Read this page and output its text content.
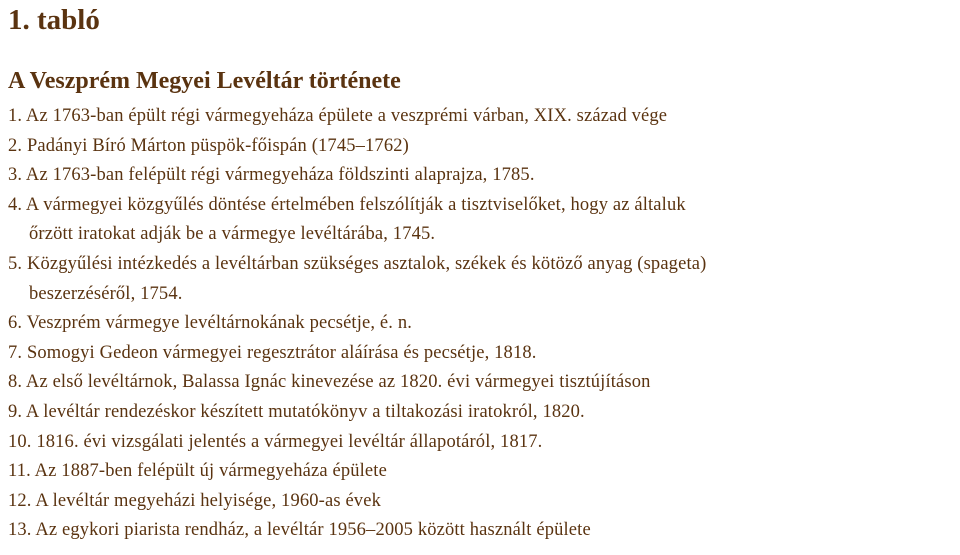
1. tabló
A Veszprém Megyei Levéltár története
1. Az 1763-ban épült régi vármegyeháza épülete a veszprémi várban, XIX. század vége
2. Padányi Bíró Márton püspök-főispán (1745–1762)
3. Az 1763-ban felépült régi vármegyeháza földszinti alaprajza, 1785.
4. A vármegyei közgyűlés döntése értelmében felszólítják a tisztviselőket, hogy az általuk
őrzött iratokat adják be a vármegye levéltárába, 1745.
5. Közgyűlési intézkedés a levéltárban szükséges asztalok, székek és kötöző anyag (spageta)
beszerzéséről, 1754.
6. Veszprém vármegye levéltárnokának pecsétje, é. n.
7. Somogyi Gedeon vármegyei regesztrátor aláírása és pecsétje, 1818.
8. Az első levéltárnok, Balassa Ignác kinevezése az 1820. évi vármegyei tisztújításon
9. A levéltár rendezéskor készített mutatókönyv a tiltakozási iratokról, 1820.
10. 1816. évi vizsgálati jelentés a vármegyei levéltár állapotáról, 1817.
11. Az 1887-ben felépült új vármegyeháza épülete
12. A levéltár megyeházi helyisége, 1960-as évek
13. Az egykori piarista rendház, a levéltár 1956–2005 között használt épülete
